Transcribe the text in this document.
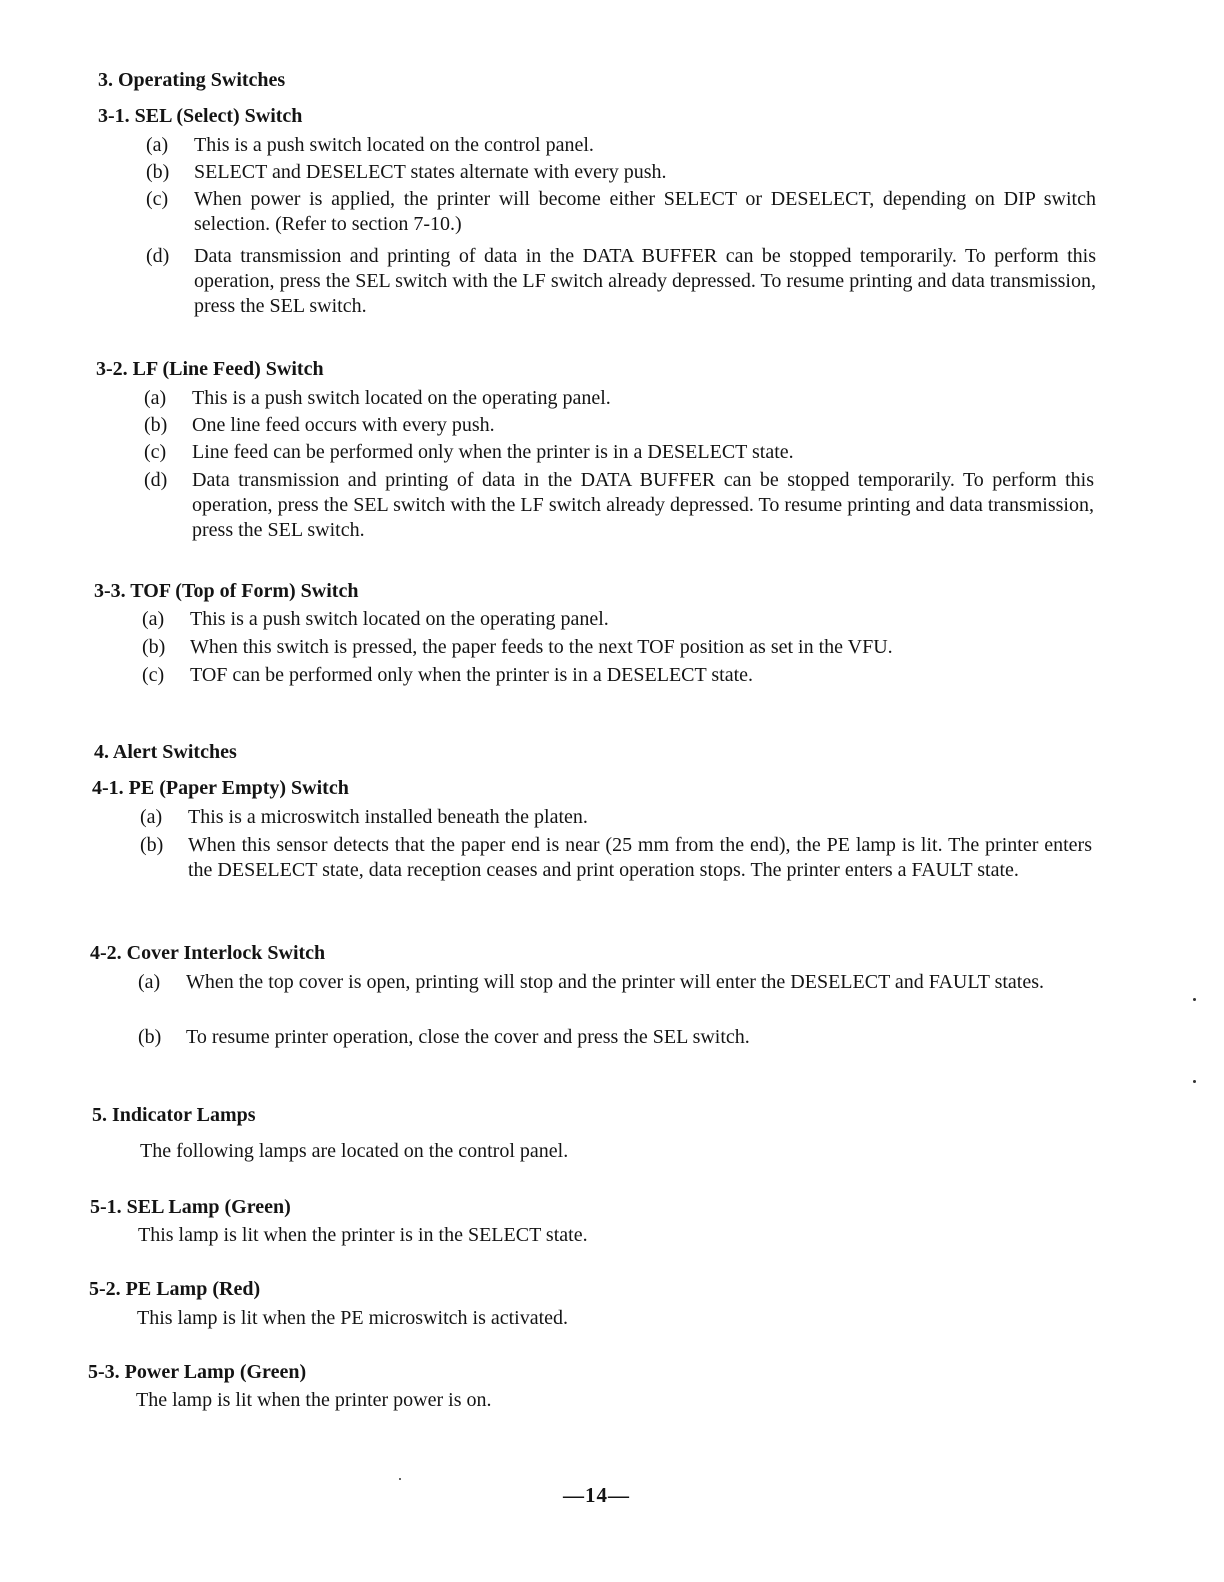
3. Operating Switches
3-1. SEL (Select) Switch
(a) This is a push switch located on the control panel.
(b) SELECT and DESELECT states alternate with every push.
(c) When power is applied, the printer will become either SELECT or DESELECT, depending on DIP switch selection. (Refer to section 7-10.)
(d) Data transmission and printing of data in the DATA BUFFER can be stopped temporarily. To perform this operation, press the SEL switch with the LF switch already depressed. To resume printing and data transmission, press the SEL switch.
3-2. LF (Line Feed) Switch
(a) This is a push switch located on the operating panel.
(b) One line feed occurs with every push.
(c) Line feed can be performed only when the printer is in a DESELECT state.
(d) Data transmission and printing of data in the DATA BUFFER can be stopped temporarily. To perform this operation, press the SEL switch with the LF switch already depressed. To resume printing and data transmission, press the SEL switch.
3-3. TOF (Top of Form) Switch
(a) This is a push switch located on the operating panel.
(b) When this switch is pressed, the paper feeds to the next TOF position as set in the VFU.
(c) TOF can be performed only when the printer is in a DESELECT state.
4. Alert Switches
4-1. PE (Paper Empty) Switch
(a) This is a microswitch installed beneath the platen.
(b) When this sensor detects that the paper end is near (25 mm from the end), the PE lamp is lit. The printer enters the DESELECT state, data reception ceases and print operation stops. The printer enters a FAULT state.
4-2. Cover Interlock Switch
(a) When the top cover is open, printing will stop and the printer will enter the DESELECT and FAULT states.
(b) To resume printer operation, close the cover and press the SEL switch.
5. Indicator Lamps
The following lamps are located on the control panel.
5-1. SEL Lamp (Green)
This lamp is lit when the printer is in the SELECT state.
5-2. PE Lamp (Red)
This lamp is lit when the PE microswitch is activated.
5-3. Power Lamp (Green)
The lamp is lit when the printer power is on.
—14—
